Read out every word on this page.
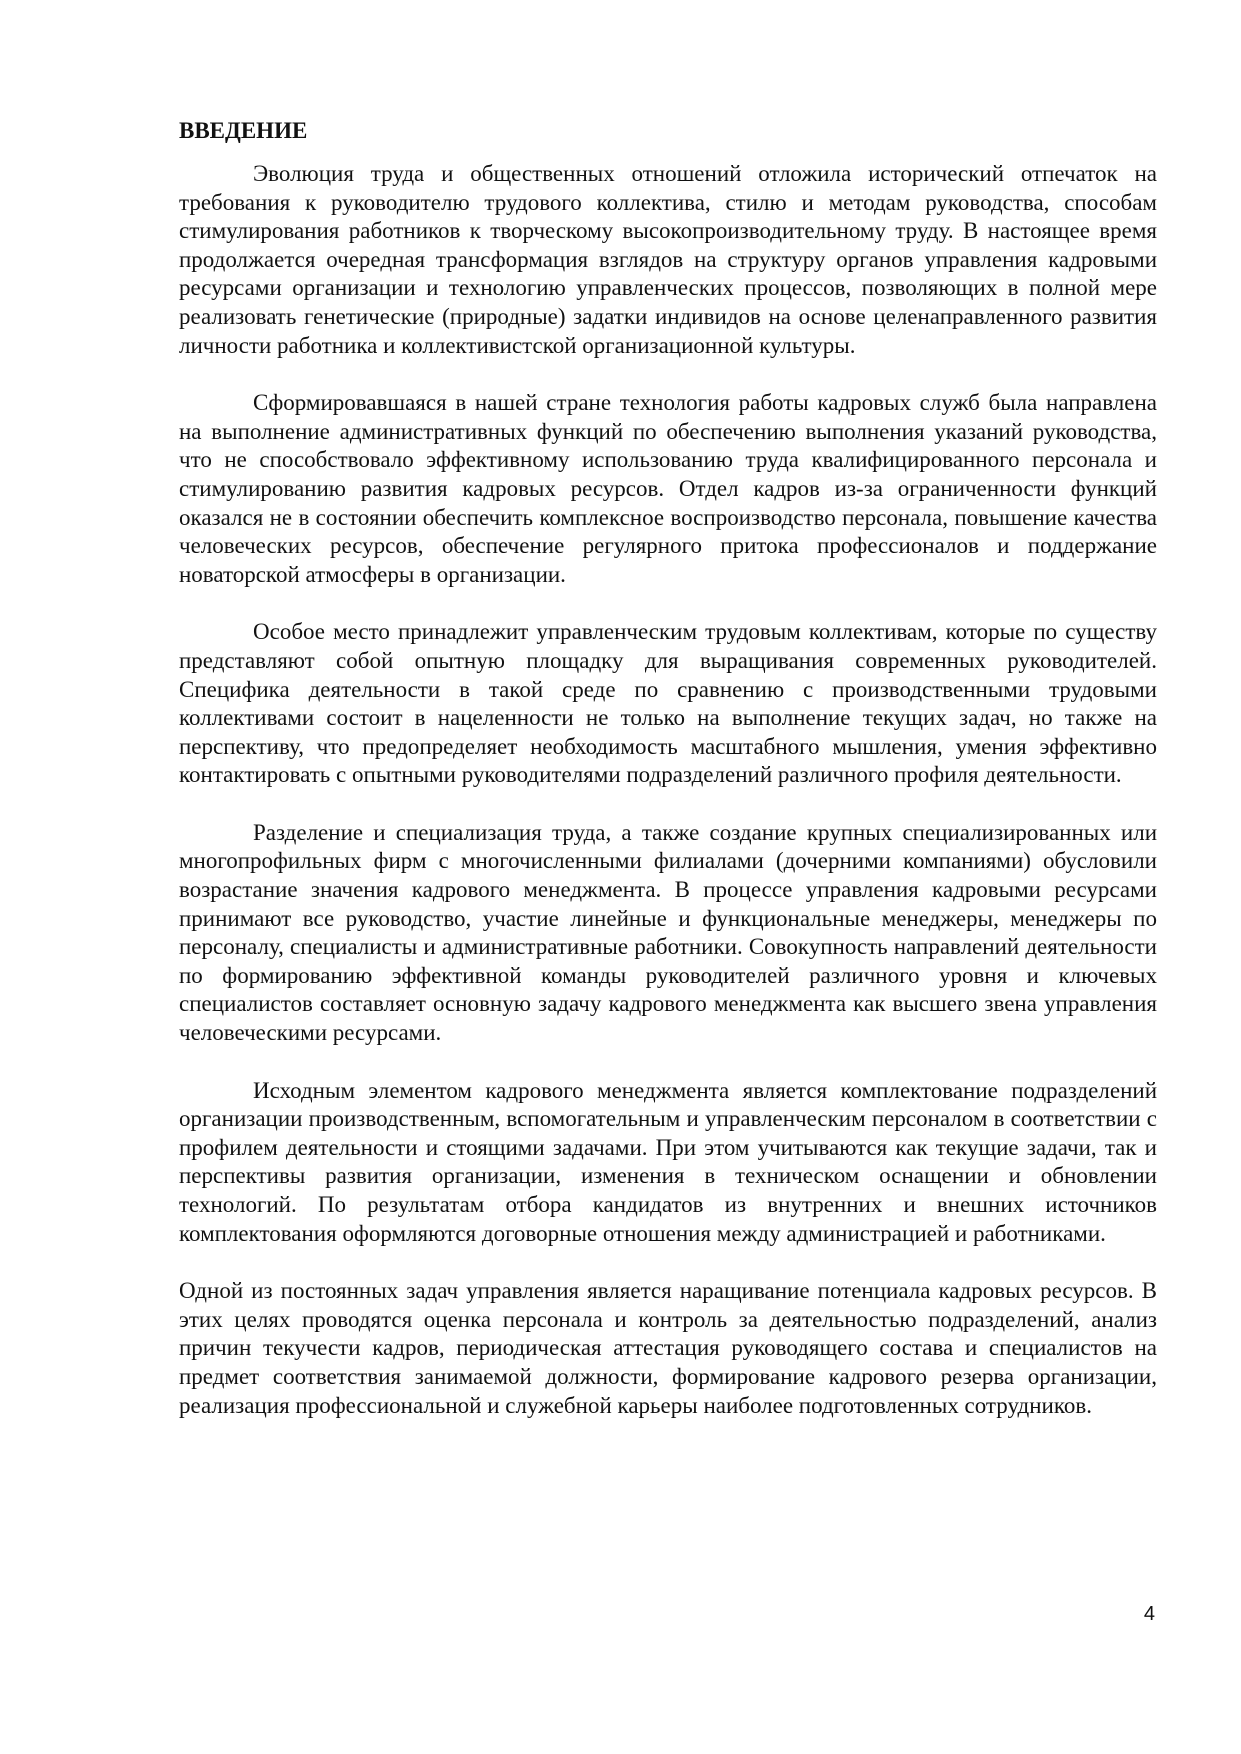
ВВЕДЕНИЕ

Эволюция труда и общественных отношений отложила исторический отпечаток на требования к руководителю трудового коллектива, стилю и методам руководства, способам стимулирования работников к творческому высокопроизводительному труду. В настоящее время продолжается очередная трансформация взглядов на структуру органов управления кадровыми ресурсами организации и технологию управленческих процессов, позволяющих в полной мере реализовать генетические (природные) задатки индивидов на основе целенаправленного развития личности работника и коллективистской организационной культуры.

Сформировавшаяся в нашей стране технология работы кадровых служб была направлена на выполнение административных функций по обеспечению выполнения указаний руководства, что не способствовало эффективному использованию труда квалифицированного персонала и стимулированию развития кадровых ресурсов. Отдел кадров из-за ограниченности функций оказался не в состоянии обеспечить комплексное воспроизводство персонала, повышение качества человеческих ресурсов, обеспечение регулярного притока профессионалов и поддержание новаторской атмосферы в организации.

Особое место принадлежит управленческим трудовым коллективам, которые по существу представляют собой опытную площадку для выращивания современных руководителей. Специфика деятельности в такой среде по сравнению с производственными трудовыми коллективами состоит в нацеленности не только на выполнение текущих задач, но также на перспективу, что предопределяет необходимость масштабного мышления, умения эффективно контактировать с опытными руководителями подразделений различного профиля деятельности.

Разделение и специализация труда, а также создание крупных специализированных или многопрофильных фирм с многочисленными филиалами (дочерними компаниями) обусловили возрастание значения кадрового менеджмента. В процессе управления кадровыми ресурсами принимают все руководство, участие линейные и функциональные менеджеры, менеджеры по персоналу, специалисты и административные работники. Совокупность направлений деятельности по формированию эффективной команды руководителей различного уровня и ключевых специалистов составляет основную задачу кадрового менеджмента как высшего звена управления человеческими ресурсами.

Исходным элементом кадрового менеджмента является комплектование подразделений организации производственным, вспомогательным и управленческим персоналом в соответствии с профилем деятельности и стоящими задачами. При этом учитываются как текущие задачи, так и перспективы развития организации, изменения в техническом оснащении и обновлении технологий. По результатам отбора кандидатов из внутренних и внешних источников комплектования оформляются договорные отношения между администрацией и работниками.

Одной из постоянных задач управления является наращивание потенциала кадровых ресурсов. В этих целях проводятся оценка персонала и контроль за деятельностью подразделений, анализ причин текучести кадров, периодическая аттестация руководящего состава и специалистов на предмет соответствия занимаемой должности, формирование кадрового резерва организации, реализация профессиональной и служебной карьеры наиболее подготовленных сотрудников.

4
